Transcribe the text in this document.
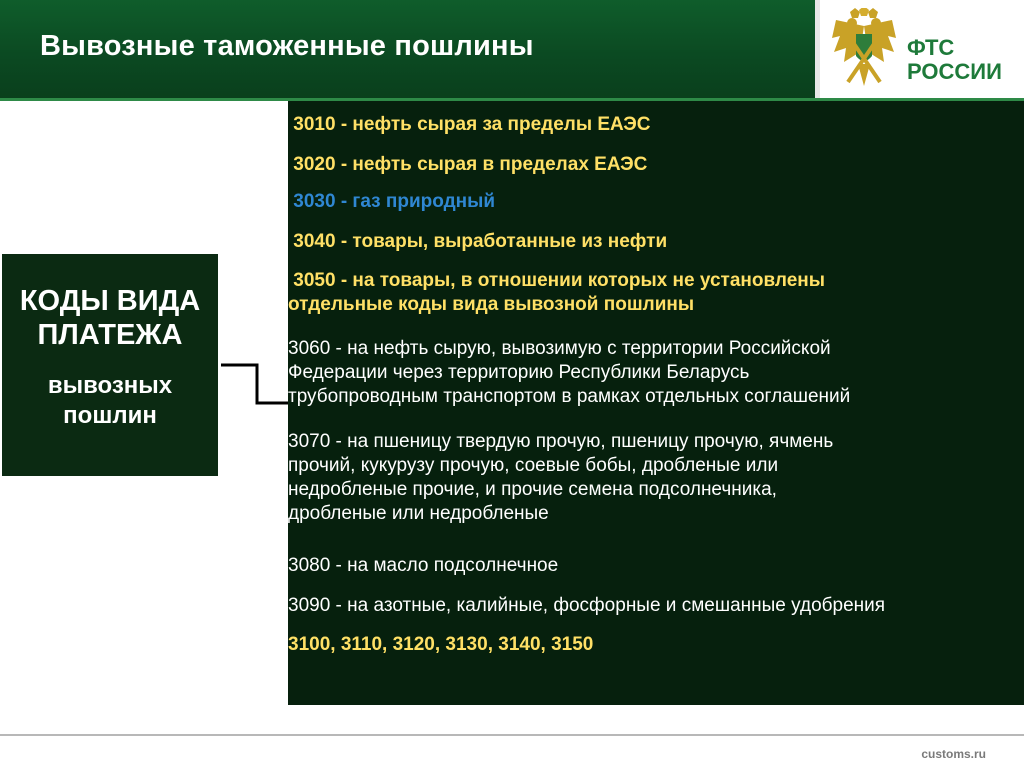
Вывозные таможенные пошлины	ФТС
РОССИИ
КОДЫ ВИДА
ПЛАТЕЖА
вывозных
пошлин

3010 - нефть сырая за пределы ЕАЭС

3020 - нефть сырая в пределах ЕАЭС

3030 - газ природный

3040 - товары, выработанные из нефти

3050 - на товары, в отношении которых не установлены
отдельные коды вида вывозной пошлины

3060 - на нефть сырую, вывозимую с территории Российской
Федерации через территорию Республики Беларусь
трубопроводным транспортом в рамках отдельных соглашений

3070 - на пшеницу твердую прочую, пшеницу прочую, ячмень
прочий, кукурузу прочую, соевые бобы, дробленые или
недробленые прочие, и прочие семена подсолнечника,
дробленые или недробленые

3080 - на масло подсолнечное

3090 - на азотные, калийные, фосфорные и смешанные удобрения

3100, 3110, 3120, 3130, 3140, 3150

customs.ru
